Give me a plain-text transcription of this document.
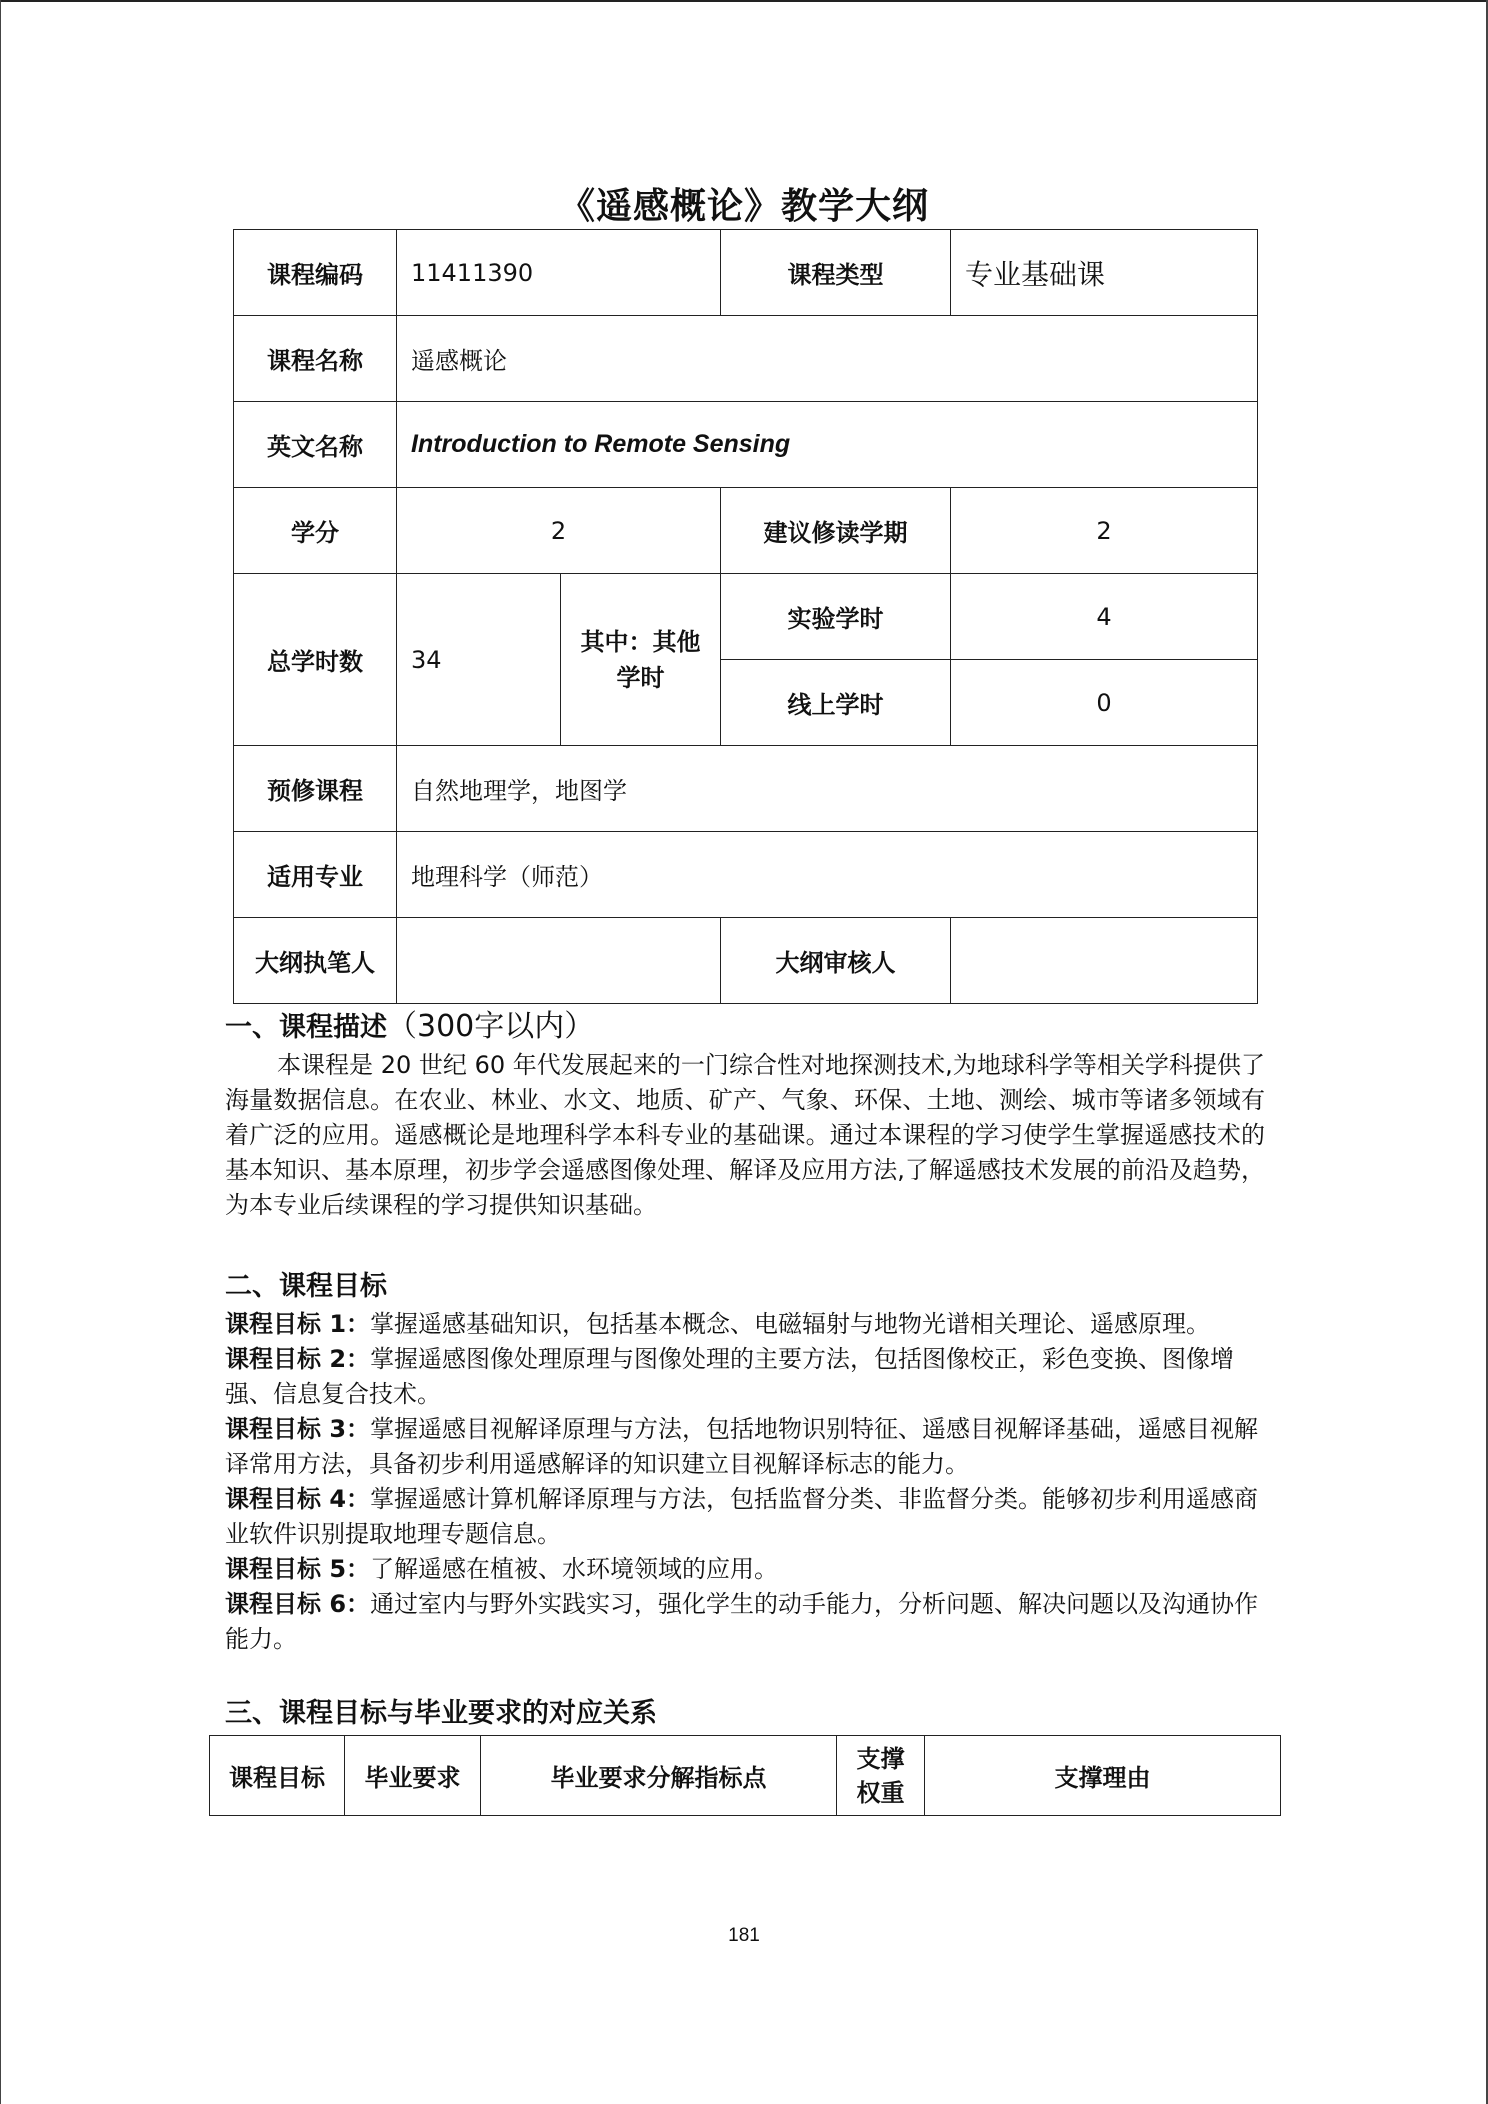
《遥感概论》教学大纲
课程编码	11411390		课程类型	专业基础课
课程名称	遥感概论			
英文名称	Introduction to Remote Sensing			
学分	2		建议修读学期	2
总学时数	34	其中：其他学时	实验学时	4
			线上学时	0
预修课程	自然地理学，地图学			
适用专业	地理科学（师范）			
大纲执笔人			大纲审核人	
一、课程描述（300字以内）
本课程是 20 世纪 60 年代发展起来的一门综合性对地探测技术,为地球科学等相关学科提供了海量数据信息。在农业、林业、水文、地质、矿产、气象、环保、土地、测绘、城市等诸多领域有着广泛的应用。遥感概论是地理科学本科专业的基础课。通过本课程的学习使学生掌握遥感技术的基本知识、基本原理，初步学会遥感图像处理、解译及应用方法,了解遥感技术发展的前沿及趋势，为本专业后续课程的学习提供知识基础。
二、课程目标
课程目标 1：掌握遥感基础知识，包括基本概念、电磁辐射与地物光谱相关理论、遥感原理。
课程目标 2：掌握遥感图像处理原理与图像处理的主要方法，包括图像校正，彩色变换、图像增强、信息复合技术。
课程目标 3：掌握遥感目视解译原理与方法，包括地物识别特征、遥感目视解译基础，遥感目视解译常用方法，具备初步利用遥感解译的知识建立目视解译标志的能力。
课程目标 4：掌握遥感计算机解译原理与方法，包括监督分类、非监督分类。能够初步利用遥感商业软件识别提取地理专题信息。
课程目标 5：了解遥感在植被、水环境领域的应用。
课程目标 6：通过室内与野外实践实习，强化学生的动手能力，分析问题、解决问题以及沟通协作能力。
三、课程目标与毕业要求的对应关系
课程目标	毕业要求	毕业要求分解指标点	支撑权重	支撑理由
181
